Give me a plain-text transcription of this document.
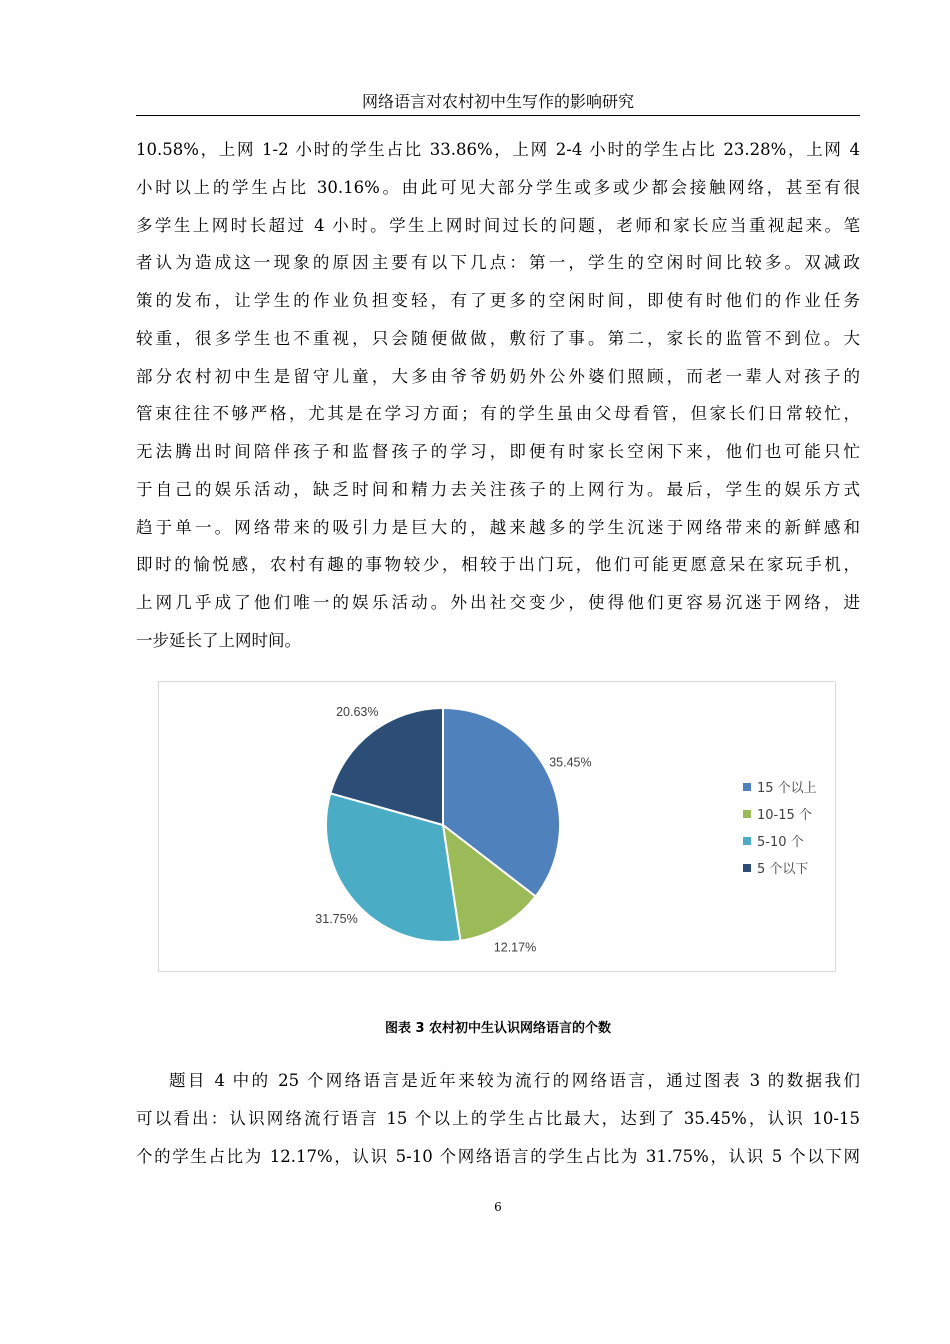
网络语言对农村初中生写作的影响研究
10.58%，上网 1-2 小时的学生占比 33.86%，上网 2-4 小时的学生占比 23.28%，上网 4
小时以上的学生占比 30.16%。由此可见大部分学生或多或少都会接触网络，甚至有很
多学生上网时长超过 4 小时。学生上网时间过长的问题，老师和家长应当重视起来。笔
者认为造成这一现象的原因主要有以下几点：第一，学生的空闲时间比较多。双减政
策的发布，让学生的作业负担变轻，有了更多的空闲时间，即使有时他们的作业任务
较重，很多学生也不重视，只会随便做做，敷衍了事。第二，家长的监管不到位。大
部分农村初中生是留守儿童，大多由爷爷奶奶外公外婆们照顾，而老一辈人对孩子的
管束往往不够严格，尤其是在学习方面；有的学生虽由父母看管，但家长们日常较忙，
无法腾出时间陪伴孩子和监督孩子的学习，即便有时家长空闲下来，他们也可能只忙
于自己的娱乐活动，缺乏时间和精力去关注孩子的上网行为。最后，学生的娱乐方式
趋于单一。网络带来的吸引力是巨大的，越来越多的学生沉迷于网络带来的新鲜感和
即时的愉悦感，农村有趣的事物较少，相较于出门玩，他们可能更愿意呆在家玩手机，
上网几乎成了他们唯一的娱乐活动。外出社交变少，使得他们更容易沉迷于网络，进
一步延长了上网时间。
35.45%
12.17%
31.75%
20.63%
15 个以上
10-15 个
5-10 个
5 个以下
图表 3 农村初中生认识网络语言的个数
题目 4 中的 25 个网络语言是近年来较为流行的网络语言，通过图表 3 的数据我们
可以看出：认识网络流行语言 15 个以上的学生占比最大，达到了 35.45%，认识 10-15
个的学生占比为 12.17%，认识 5-10 个网络语言的学生占比为 31.75%，认识 5 个以下网
6
